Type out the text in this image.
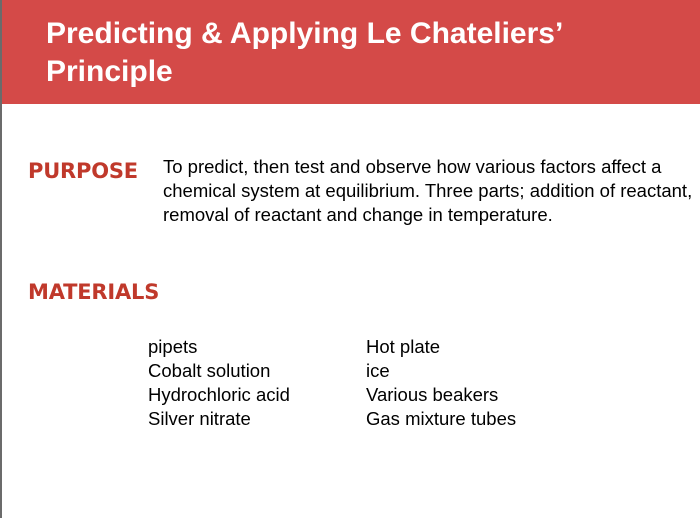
Predicting & Applying Le Chateliers’ Principle
PURPOSE To predict, then test and observe how various factors affect a chemical system at equilibrium. Three parts; addition of reactant, removal of reactant and change in temperature.

MATERIALS
pipets
Cobalt solution
Hydrochloric acid
Silver nitrate
Hot plate
ice
Various beakers
Gas mixture tubes
